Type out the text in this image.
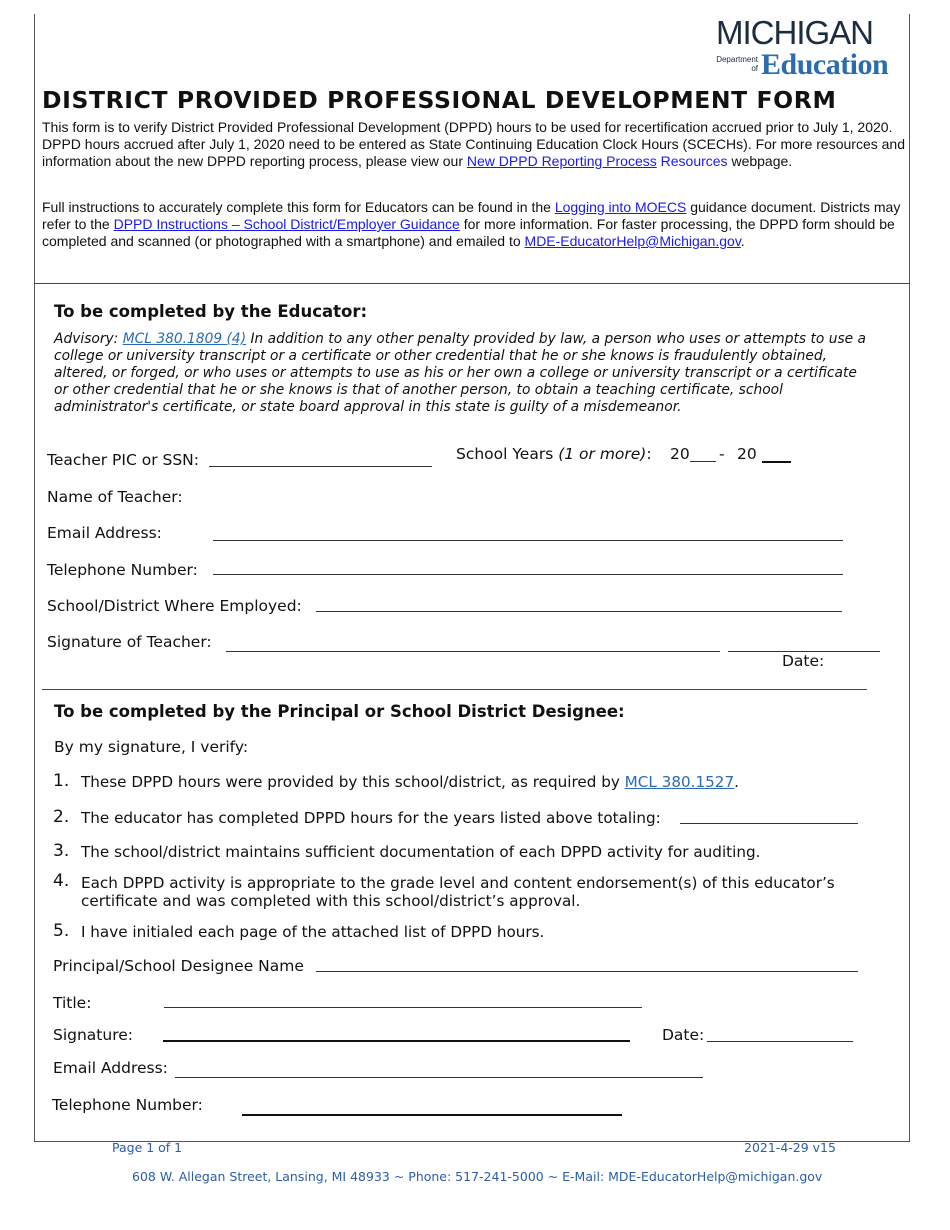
MICHIGAN
Department
of Education
DISTRICT PROVIDED PROFESSIONAL DEVELOPMENT FORM
This form is to verify District Provided Professional Development (DPPD) hours to be used for recertification accrued prior to July 1, 2020. DPPD hours accrued after July 1, 2020 need to be entered as State Continuing Education Clock Hours (SCECHs). For more resources and information about the new DPPD reporting process, please view our New DPPD Reporting Process Resources webpage.
Full instructions to accurately complete this form for Educators can be found in the Logging into MOECS guidance document. Districts may refer to the DPPD Instructions – School District/Employer Guidance for more information. For faster processing, the DPPD form should be completed and scanned (or photographed with a smartphone) and emailed to MDE-EducatorHelp@Michigan.gov.
To be completed by the Educator:
Advisory: MCL 380.1809 (4) In addition to any other penalty provided by law, a person who uses or attempts to use a college or university transcript or a certificate or other credential that he or she knows is fraudulently obtained, altered, or forged, or who uses or attempts to use as his or her own a college or university transcript or a certificate or other credential that he or she knows is that of another person, to obtain a teaching certificate, school administrator's certificate, or state board approval in this state is guilty of a misdemeanor.
Teacher PIC or SSN:	School Years (1 or more): 20 - 20
Name of Teacher:
Email Address:
Telephone Number:
School/District Where Employed:
Signature of Teacher:
Date:
To be completed by the Principal or School District Designee:
By my signature, I verify:
1. These DPPD hours were provided by this school/district, as required by MCL 380.1527.
2. The educator has completed DPPD hours for the years listed above totaling:
3. The school/district maintains sufficient documentation of each DPPD activity for auditing.
4. Each DPPD activity is appropriate to the grade level and content endorsement(s) of this educator’s certificate and was completed with this school/district’s approval.
5. I have initialed each page of the attached list of DPPD hours.
Principal/School Designee Name
Title:
Signature:	Date:
Email Address:
Telephone Number:
Page 1 of 1	2021-4-29 v15
608 W. Allegan Street, Lansing, MI 48933 ~ Phone: 517-241-5000 ~ E-Mail: MDE-EducatorHelp@michigan.gov
